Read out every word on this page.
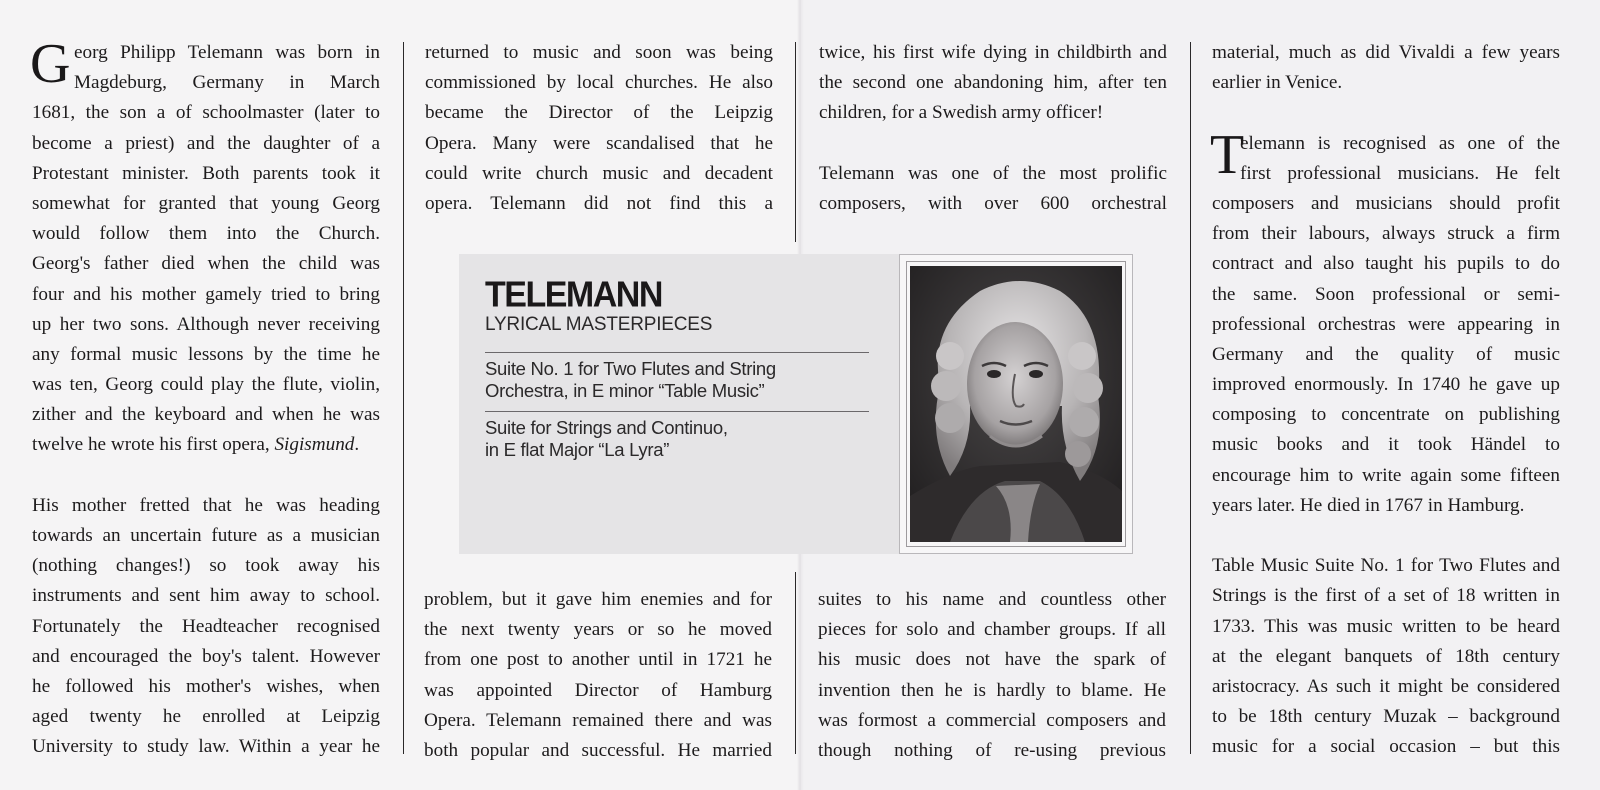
G eorg Philipp Telemann was born in
Magdeburg, Germany in March
1681, the son a of schoolmaster (later to
become a priest) and the daughter of a
Protestant minister. Both parents took it
somewhat for granted that young Georg
would follow them into the Church.
Georg's father died when the child was
four and his mother gamely tried to bring
up her two sons. Although never receiving
any formal music lessons by the time he
was ten, Georg could play the flute, violin,
zither and the keyboard and when he was
twelve he wrote his first opera, Sigismund.
His mother fretted that he was heading
towards an uncertain future as a musician
(nothing changes!) so took away his
instruments and sent him away to school.
Fortunately the Headteacher recognised
and encouraged the boy's talent. However
he followed his mother's wishes, when
aged twenty he enrolled at Leipzig
University to study law. Within a year he
returned to music and soon was being
commissioned by local churches. He also
became the Director of the Leipzig
Opera. Many were scandalised that he
could write church music and decadent
opera. Telemann did not find this a
problem, but it gave him enemies and for
the next twenty years or so he moved
from one post to another until in 1721 he
was appointed Director of Hamburg
Opera. Telemann remained there and was
both popular and successful. He married
twice, his first wife dying in childbirth and
the second one abandoning him, after ten
children, for a Swedish army officer!
Telemann was one of the most prolific
composers, with over 600 orchestral
suites to his name and countless other
pieces for solo and chamber groups. If all
his music does not have the spark of
invention then he is hardly to blame. He
was formost a commercial composers and
though nothing of re-using previous
material, much as did Vivaldi a few years
earlier in Venice.
T
elemann is recognised as one of the
first professional musicians. He felt
composers and musicians should profit
from their labours, always struck a firm
contract and also taught his pupils to do
the same. Soon professional or semi-
professional orchestras were appearing in
Germany and the quality of music
improved enormously. In 1740 he gave up
composing to concentrate on publishing
music books and it took Händel to
encourage him to write again some fifteen
years later. He died in 1767 in Hamburg.
Table Music Suite No. 1 for Two Flutes and
Strings is the first of a set of 18 written in
1733. This was music written to be heard
at the elegant banquets of 18th century
aristocracy. As such it might be considered
to be 18th century Muzak – background
music for a social occasion – but this
TELEMANN
LYRICAL MASTERPIECES
Suite No. 1 for Two Flutes and String
Orchestra, in E minor “Table Music”
Suite for Strings and Continuo,
in E flat Major “La Lyra”
